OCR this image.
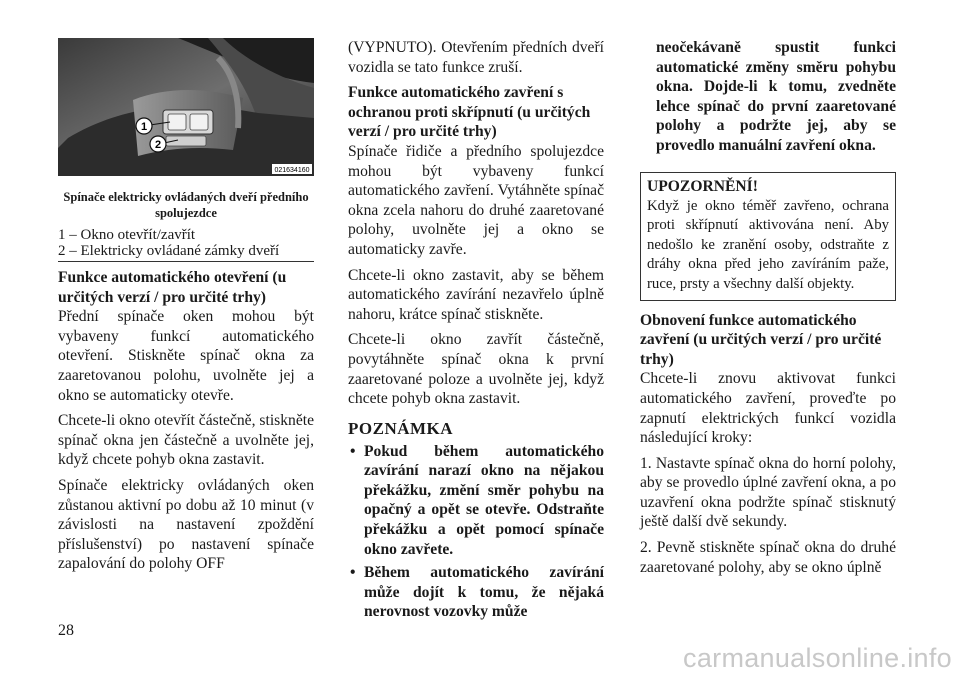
1
2
021634160
Spínače elektricky ovládaných dveří předního spolujezdce
1 – Okno otevřít/zavřít
2 – Elektricky ovládané zámky dveří
Funkce automatického otevření (u určitých verzí / pro určité trhy)

Přední spínače oken mohou být vybaveny funkcí automatického otevření. Stiskněte spínač okna za zaaretovanou polohu, uvolněte jej a okno se automaticky otevře.

Chcete-li okno otevřít částečně, stiskněte spínač okna jen částečně a uvolněte jej, když chcete pohyb okna zastavit.

Spínače elektricky ovládaných oken zůstanou aktivní po dobu až 10 minut (v závislosti na nastavení zpoždění příslušenství) po nastavení spínače zapalování do polohy OFF

(VYPNUTO). Otevřením předních dveří vozidla se tato funkce zruší.

Funkce automatického zavření s ochranou proti skřípnutí (u určitých verzí / pro určité trhy)

Spínače řidiče a předního spolujezdce mohou být vybaveny funkcí automatického zavření. Vytáhněte spínač okna zcela nahoru do druhé zaaretované polohy, uvolněte jej a okno se automaticky zavře.

Chcete-li okno zastavit, aby se během automatického zavírání nezavřelo úplně nahoru, krátce spínač stiskněte.

Chcete-li okno zavřít částečně, povytáhněte spínač okna k první zaaretované poloze a uvolněte jej, když chcete pohyb okna zastavit.

POZNÁMKA
• Pokud během automatického zavírání narazí okno na nějakou překážku, změní směr pohybu na opačný a opět se otevře. Odstraňte překážku a opět pomocí spínače okno zavřete.
• Během automatického zavírání může dojít k tomu, že nějaká nerovnost vozovky může

neočekávaně spustit funkci automatické změny směru pohybu okna. Dojde-li k tomu, zvedněte lehce spínač do první zaaretované polohy a podržte jej, aby se provedlo manuální zavření okna.

UPOZORNĚNÍ!

Když je okno téměř zavřeno, ochrana proti skřípnutí aktivována není. Aby nedošlo ke zranění osoby, odstraňte z dráhy okna před jeho zavíráním paže, ruce, prsty a všechny další objekty.

Obnovení funkce automatického zavření (u určitých verzí / pro určité trhy)

Chcete-li znovu aktivovat funkci automatického zavření, proveďte po zapnutí elektrických funkcí vozidla následující kroky:

1. Nastavte spínač okna do horní polohy, aby se provedlo úplné zavření okna, a po uzavření okna podržte spínač stisknutý ještě další dvě sekundy.

2. Pevně stiskněte spínač okna do druhé zaaretované polohy, aby se okno úplně

28
carmanualsonline.info
